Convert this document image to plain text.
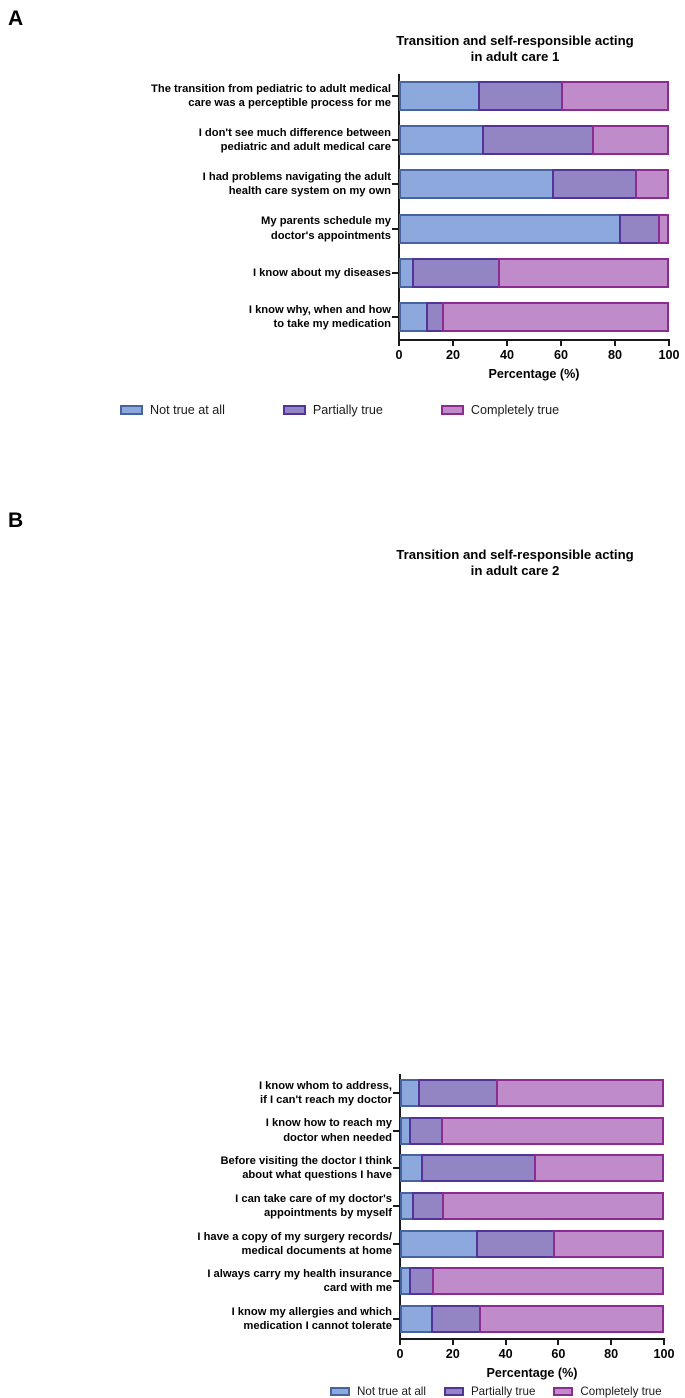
A
Transition and self-responsible acting
in adult care 1
The transition from pediatric to adult medical
care was a perceptible process for me
I don't see much difference between
pediatric and adult medical care
I had problems navigating the adult
health care system on my own
My parents schedule my
doctor's appointments
I know about my diseases
I know why, when and how
to take my medication
0	20	40	60	80	100
Percentage (%)
Not true at all	Partially true	Completely true
B
Transition and self-responsible acting
in adult care 2
I know whom to address,
if I can't reach my doctor
I know how to reach my
doctor when needed
Before visiting the doctor I think
about what questions I have
I can take care of my doctor's
appointments by myself
I have a copy of my surgery records/
medical documents at home
I always carry my health insurance
card with me
I know my allergies and which
medication I cannot tolerate
0	20	40	60	80	100
Percentage (%)
Not true at all	Partially true	Completely true
